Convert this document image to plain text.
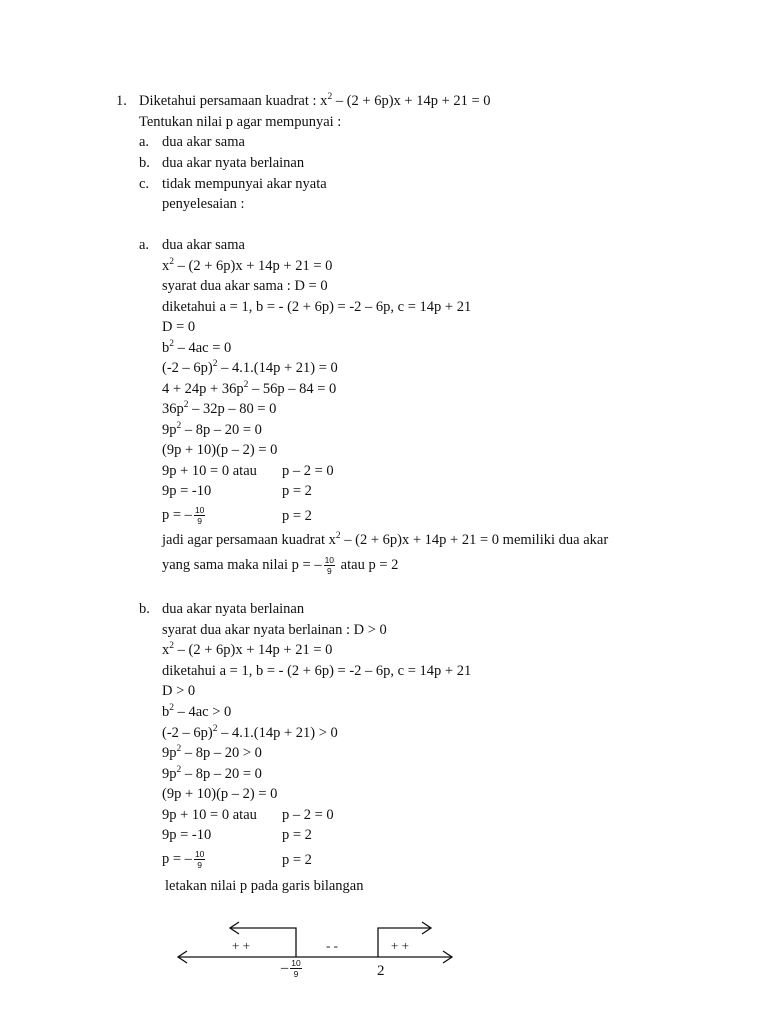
1. Diketahui persamaan kuadrat : $x^2 - (2 + 6p)x + 14p + 21 = 0$
Tentukan nilai p agar mempunyai :
a. dua akar sama
b. dua akar nyata berlainan
c. tidak mempunyai akar nyata
penyelesaian :
a. dua akar sama
$x^2 - (2 + 6p)x + 14p + 21 = 0$
syarat dua akar sama : D = 0
diketahui a = 1, b = - (2 + 6p) = -2 – 6p, c = 14p + 21
D = 0
$b^2 - 4ac = 0$
(-2 – 6p)$^2$ – 4.1.(14p + 21) = 0
$4 + 24p + 36p^2 - 56p - 84 = 0$
$36p^2 - 32p - 80 = 0$
$9p^2 - 8p - 20 = 0$
(9p + 10)(p – 2) = 0
9p + 10 = 0 atau p – 2 = 0
9p = -10	p = 2
p = – $\frac{10}{9}$	p = 2
jadi agar persamaan kuadrat $x^2 - (2 + 6p)x + 14p + 21 = 0$ memiliki dua akar
yang sama maka nilai p = – $\frac{10}{9}$ atau p = 2
b. dua akar nyata berlainan
syarat dua akar nyata berlainan : D > 0
$x^2 - (2 + 6p)x + 14p + 21 = 0$
diketahui a = 1, b = - (2 + 6p) = -2 – 6p, c = 14p + 21
D > 0
$b^2 - 4ac > 0$
(-2 – 6p)$^2$ – 4.1.(14p + 21) > 0
$9p^2 - 8p - 20 > 0$
$9p^2 - 8p - 20 = 0$
(9p + 10)(p – 2) = 0
9p + 10 = 0 atau p – 2 = 0
9p = -10	p = 2
p = – $\frac{10}{9}$	p = 2
letakan nilai p pada garis bilangan
+ +	- -	+ +
– $\frac{10}{9}$	2
